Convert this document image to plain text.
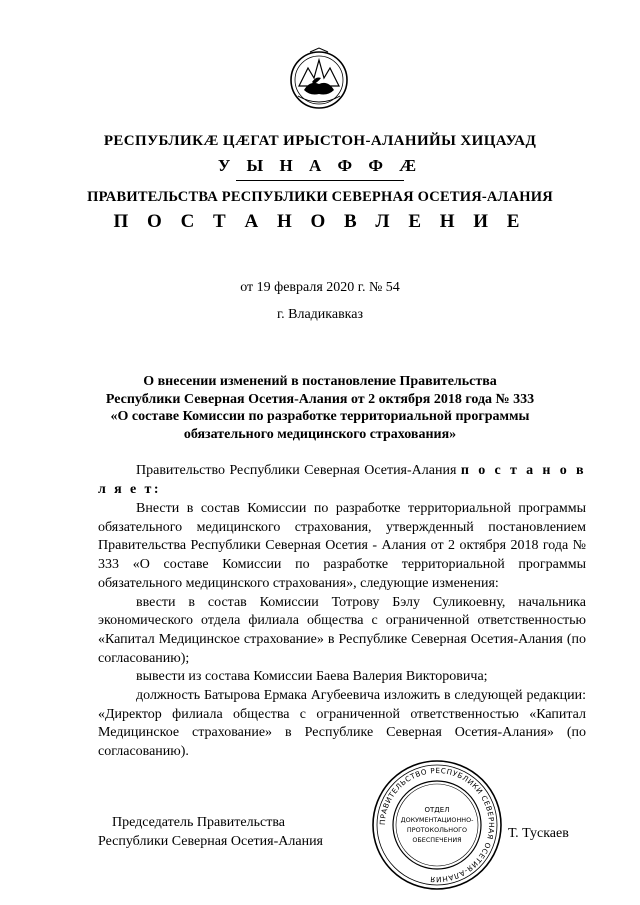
РЕСПУБЛИКÆ ЦÆГАТ ИРЫСТОН-АЛАНИЙЫ ХИЦАУАД
У Ы Н А Ф Ф Æ
ПРАВИТЕЛЬСТВА РЕСПУБЛИКИ СЕВЕРНАЯ ОСЕТИЯ-АЛАНИЯ
П О С Т А Н О В Л Е Н И Е
от 19 февраля 2020 г. № 54
г. Владикавказ
О внесении изменений в постановление Правительства
Республики Северная Осетия-Алания от 2 октября 2018 года № 333
«О составе Комиссии по разработке территориальной программы
обязательного медицинского страхования»
Правительство Республики Северная Осетия-Алания п о с т а н о в л я е т:
Внести в состав Комиссии по разработке территориальной программы обязательного медицинского страхования, утвержденный постановлением Правительства Республики Северная Осетия - Алания от 2 октября 2018 года № 333 «О составе Комиссии по разработке территориальной программы обязательного медицинского страхования», следующие изменения:
ввести в состав Комиссии Тотрову Бэлу Суликоевну, начальника экономического отдела филиала общества с ограниченной ответственностью «Капитал Медицинское страхование» в Республике Северная Осетия-Алания (по согласованию);
вывести из состава Комиссии Баева Валерия Викторовича;
должность Батырова Ермака Агубеевича изложить в следующей редакции: «Директор филиала общества с ограниченной ответственностью «Капитал Медицинское страхование» в Республике Северная Осетия-Алания» (по согласованию).
Председатель Правительства
Республики Северная Осетия-Алания
Т. Тускаев
ПРАВИТЕЛЬСТВО РЕСПУБЛИКИ СЕВЕРНАЯ ОСЕТИЯ-АЛАНИЯ
ОТДЕЛ
ДОКУМЕНТАЦИОННО-
ПРОТОКОЛЬНОГО
ОБЕСПЕЧЕНИЯ
